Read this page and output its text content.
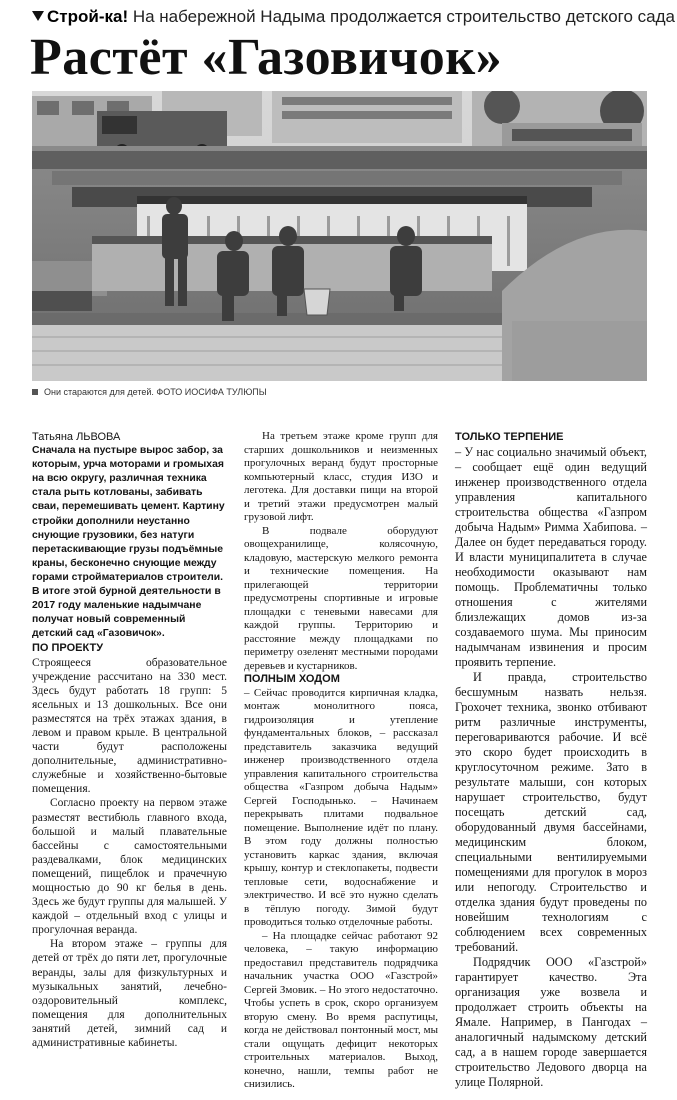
Строй-ка! На набережной Надыма продолжается строительство детского сада
Растёт «Газовичок»
Они стараются для детей. ФОТО ИОСИФА ТУЛЮПЫ

Татьяна ЛЬВОВА

Сначала на пустыре вырос забор, за которым, урча моторами и громыхая на всю округу, различная техника стала рыть котлованы, забивать сваи, перемешивать цемент. Картину стройки дополнили неустанно снующие грузовики, без натуги перетаскивающие грузы подъёмные краны, бесконечно снующие между горами стройматериалов строители.

В итоге этой бурной деятельности в 2017 году маленькие надымчане получат новый современный детский сад «Газовичок».

ПО ПРОЕКТУ

Строящееся образовательное учреждение рассчитано на 330 мест. Здесь будут работать 18 групп: 5 ясельных и 13 дошкольных. Все они разместятся на трёх этажах здания, в левом и правом крыле. В центральной части будут расположены дополнительные, административно-служебные и хозяйственно-бытовые помещения.

Согласно проекту на первом этаже разместят вестибюль главного входа, большой и малый плавательные бассейны с самостоятельными раздевалками, блок медицинских помещений, пищеблок и прачечную мощностью до 90 кг белья в день. Здесь же будут группы для малышей. У каждой – отдельный вход с улицы и прогулочная веранда.

На втором этаже – группы для детей от трёх до пяти лет, прогулочные веранды, залы для физкультурных и музыкальных занятий, лечебно-оздоровительный комплекс, помещения для дополнительных занятий детей, зимний сад и административные кабинеты.

На третьем этаже кроме групп для старших дошкольников и неизменных прогулочных веранд будут просторные компьютерный класс, студия ИЗО и леготека. Для доставки пищи на второй и третий этажи предусмотрен малый грузовой лифт.

В подвале оборудуют овощехранилище, колясочную, кладовую, мастерскую мелкого ремонта и технические помещения. На прилегающей территории предусмотрены спортивные и игровые площадки с теневыми навесами для каждой группы. Территорию и расстояние между площадками по периметру озеленят местными породами деревьев и кустарников.

ПОЛНЫМ ХОДОМ

– Сейчас проводится кирпичная кладка, монтаж монолитного пояса, гидроизоляция и утепление фундаментальных блоков, – рассказал представитель заказчика ведущий инженер производственного отдела управления капитального строительства общества «Газпром добыча Надым» Сергей Господынько. – Начинаем перекрывать плитами подвальное помещение. Выполнение идёт по плану. В этом году должны полностью установить каркас здания, включая крышу, контур и стеклопакеты, подвести тепловые сети, водоснабжение и электричество. И всё это нужно сделать в тёплую погоду. Зимой будут проводиться только отделочные работы.

– На площадке сейчас работают 92 человека, – такую информацию предоставил представитель подрядчика начальник участка ООО «Газстрой» Сергей Змовик. – Но этого недостаточно. Чтобы успеть в срок, скоро организуем вторую смену. Во время распутицы, когда не действовал понтонный мост, мы стали ощущать дефицит некоторых строительных материалов. Выход, конечно, нашли, темпы работ не снизились.

ТОЛЬКО ТЕРПЕНИЕ

– У нас социально значимый объект, – сообщает ещё один ведущий инженер производственного отдела управления капитального строительства общества «Газпром добыча Надым» Римма Хабипова. – Далее он будет передаваться городу. И власти муниципалитета в случае необходимости оказывают нам помощь. Проблематичны только отношения с жителями близлежащих домов из-за создаваемого шума. Мы приносим надымчанам извинения и просим проявить терпение.

И правда, строительство бесшумным назвать нельзя. Грохочет техника, звонко отбивают ритм различные инструменты, переговариваются рабочие. И всё это скоро будет происходить в круглосуточном режиме. Зато в результате малыши, сон которых нарушает строительство, будут посещать детский сад, оборудованный двумя бассейнами, медицинским блоком, специальными вентилируемыми помещениями для прогулок в мороз или непогоду. Строительство и отделка здания будут проведены по новейшим технологиям с соблюдением всех современных требований.

Подрядчик ООО «Газстрой» гарантирует качество. Эта организация уже возвела и продолжает строить объекты на Ямале. Например, в Пангодах – аналогичный надымскому детский сад, а в нашем городе завершается строительство Ледового дворца на улице Полярной.
